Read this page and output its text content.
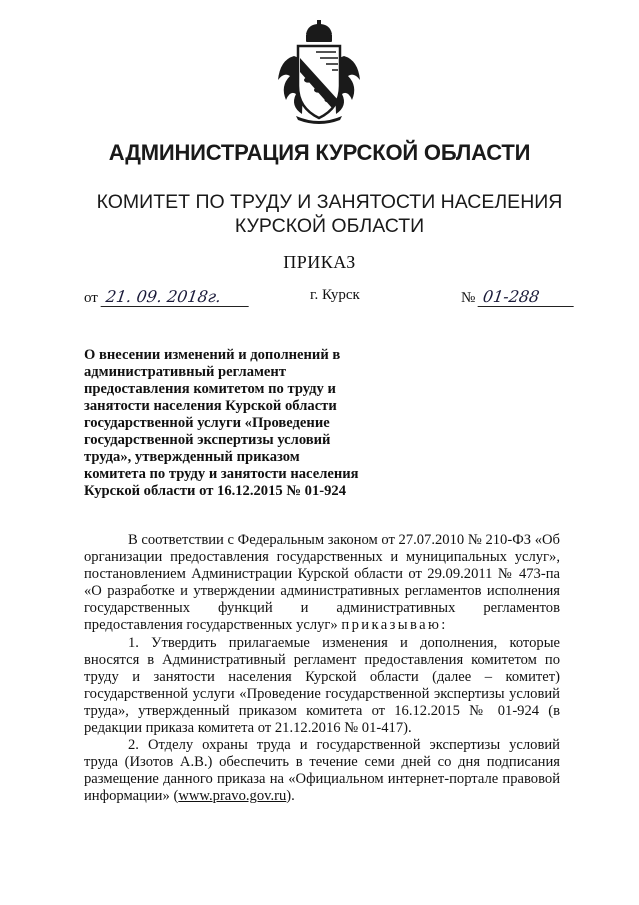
АДМИНИСТРАЦИЯ КУРСКОЙ ОБЛАСТИ
КОМИТЕТ ПО ТРУДУ И ЗАНЯТОСТИ НАСЕЛЕНИЯ
КУРСКОЙ ОБЛАСТИ
ПРИКАЗ
от 21. 09. 2018г.	г. Курск	№ 01-288
О внесении изменений и дополнений в
административный регламент
предоставления комитетом по труду и
занятости населения Курской области
государственной услуги «Проведение
государственной экспертизы условий
труда», утвержденный приказом
комитета по труду и занятости населения
Курской области от 16.12.2015 № 01-924

В соответствии с Федеральным законом от 27.07.2010 № 210-ФЗ «Об организации предоставления государственных и муниципальных услуг», постановлением Администрации Курской области от 29.09.2011 № 473-па «О разработке и утверждении административных регламентов исполнения государственных функций и административных регламентов предоставления государственных услуг» приказываю:

1. Утвердить прилагаемые изменения и дополнения, которые вносятся в Административный регламент предоставления комитетом по труду и занятости населения Курской области (далее – комитет) государственной услуги «Проведение государственной экспертизы условий труда», утвержденный приказом комитета от 16.12.2015 № 01-924 (в редакции приказа комитета от 21.12.2016 № 01-417).

2. Отделу охраны труда и государственной экспертизы условий труда (Изотов А.В.) обеспечить в течение семи дней со дня подписания размещение данного приказа на «Официальном интернет-портале правовой информации» (www.pravo.gov.ru).
